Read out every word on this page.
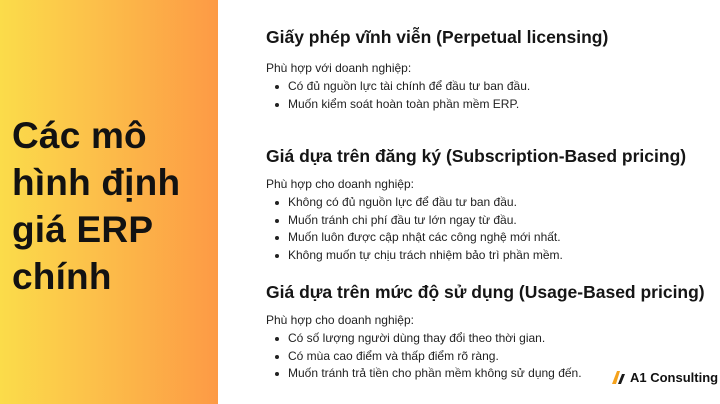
Các mô
hình định
giá ERP
chính
Giấy phép vĩnh viễn (Perpetual licensing)
Phù hợp với doanh nghiệp:
Có đủ nguồn lực tài chính để đầu tư ban đầu.
Muốn kiểm soát hoàn toàn phần mềm ERP.
Giá dựa trên đăng ký (Subscription-Based pricing)
Phù hợp cho doanh nghiệp:
Không có đủ nguồn lực để đầu tư ban đầu.
Muốn tránh chi phí đầu tư lớn ngay từ đầu.
Muốn luôn được cập nhật các công nghệ mới nhất.
Không muốn tự chịu trách nhiệm bảo trì phần mềm.
Giá dựa trên mức độ sử dụng (Usage-Based pricing)
Phù hợp cho doanh nghiệp:
Có số lượng người dùng thay đổi theo thời gian.
Có mùa cao điểm và thấp điểm rõ ràng.
Muốn tránh trả tiền cho phần mềm không sử dụng đến.	A1 Consulting
